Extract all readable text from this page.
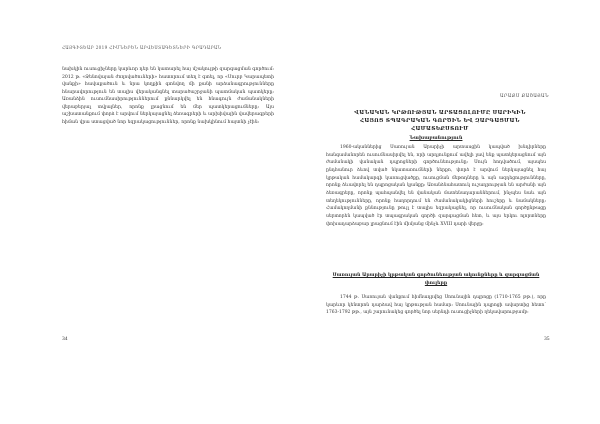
ՀԱՅԳԻՏԵԱՐ 2019 ՀԻՄՆԵՐԵՆ ԱՐՎԵՍՏԱԳԵՏՆԵՐԻ ԳՐԱԴԱՐԱՆ

նախկին ուսուցիչները կարևոր դեր են կատարել հայ մշակույթի զարգացման գործում։ 2012 թ. «Ջենովայան ժողովածուների» հատորում տեղ է գտել, որ «Սուրբ Կարապետի վանքի» հավաքածուն և նրա կողքին գտնվող մի քանի արձանագրությունները հնարավորություն են տալիս վերականգնել տարածաշրջանի պատմական պատկերը։ Առանձին ուսումնասիրություններում քննարկվել են հնագույն ժամանակների վերաբերյալ տվյալներ, որոնք լրացնում են մեր պատկերացումները։ Այս աշխատանքում փորձ է արվում ներկայացնել ձեռագրերի և արխիվային վավերագրերի հիման վրա ստացված նոր եզրակացություններ, որոնք նախկինում հայտնի չէին։

34
ԱՐԱՔՍ ՔԱՇԱՅԱՆ
ՎԱՆԱԿԱՆ ԿՐԹՈՒԹՅԱՆ ԱՐՏԱՑՈԼՈՒՄԸ ՍԱՐԻԿԻՆ
ՀԱՅՈՑ ՏՊԱԳՐԱԿԱՆ ԳՈՐԾԻՆ ԵՎ ԶԱՐԳԱՑՄԱՆ
ՀԱՄԱՏԵՔՍՏՈՒՄ
Նախաբանություն

1960-ականներից Սառույան Արարիչի արտասցին կապված խնդիրները հանգամանորեն ուսումնասիրվել են, որի արդյունքում ավելի լավ ենք պատկերացնում այն ժամանակի վանական դպրոցների գործունեությունը։ Սույն հոդվածում, այսպես ընդհանուր ձևով տված նկատառումների ներքո, փորձ է արվում ներկայացնել հայ կրթական համակարգի կառուցվածքը, ուսուցման մեթոդները և այն ազդեցությունները, որոնք ձևավորել են դպրոցական կյանքը։ Առանձնահատուկ ուշադրության են արժանի այն ձեռագրերը, որոնք պահպանվել են վանական մատենադարաններում, ինչպես նաև այն տեղեկությունները, որոնք հաղորդում են ժամանակակիցների հուշերը և նամակները։ Համակողմանի քննությունը թույլ է տալիս եզրակացնել, որ ուսումնական գործընթացը սերտորեն կապված էր տպագրական գործի զարգացման հետ, և այս երկու ոլորտները փոխադարձաբար լրացնում էին միմյանց մինչև XVIII դարի վերջը։

Սառույան Արարիչի կրթական գործունեության ակունքները և զարգացման փուլերը

1744 թ. Սառույան վանքում հիմնադրվեց Սոունային դպրոցը (1710-1765 թթ.), որը կարևոր կենտրոն դարձավ հայ կրթության համար։ Սոունային դպրոցի ավարտից հետո՝ 1763-1792 թթ., այն շարունակեց գործել նոր սերնդի ուսուցիչների ղեկավարությամբ։

35
